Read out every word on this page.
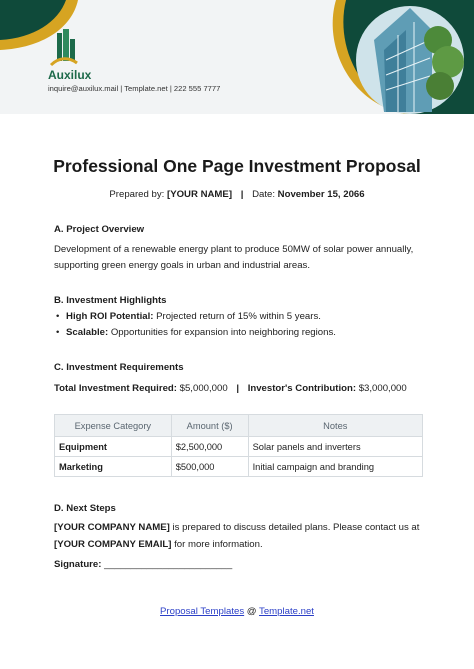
Auxilux
inquire@auxilux.mail | Template.net | 222 555 7777
Professional One Page Investment Proposal
Prepared by: [YOUR NAME] | Date: November 15, 2066
A. Project Overview
Development of a renewable energy plant to produce 50MW of solar power annually,
supporting green energy goals in urban and industrial areas.
B. Investment Highlights
• High ROI Potential: Projected return of 15% within 5 years.
• Scalable: Opportunities for expansion into neighboring regions.
C. Investment Requirements
Total Investment Required: $5,000,000 | Investor's Contribution: $3,000,000
Expense Category	Amount ($)	Notes
Equipment	$2,500,000	Solar panels and inverters
Marketing	$500,000	Initial campaign and branding
D. Next Steps
[YOUR COMPANY NAME] is prepared to discuss detailed plans. Please contact us at
[YOUR COMPANY EMAIL] for more information.
Signature: ________________________
Proposal Templates @ Template.net
